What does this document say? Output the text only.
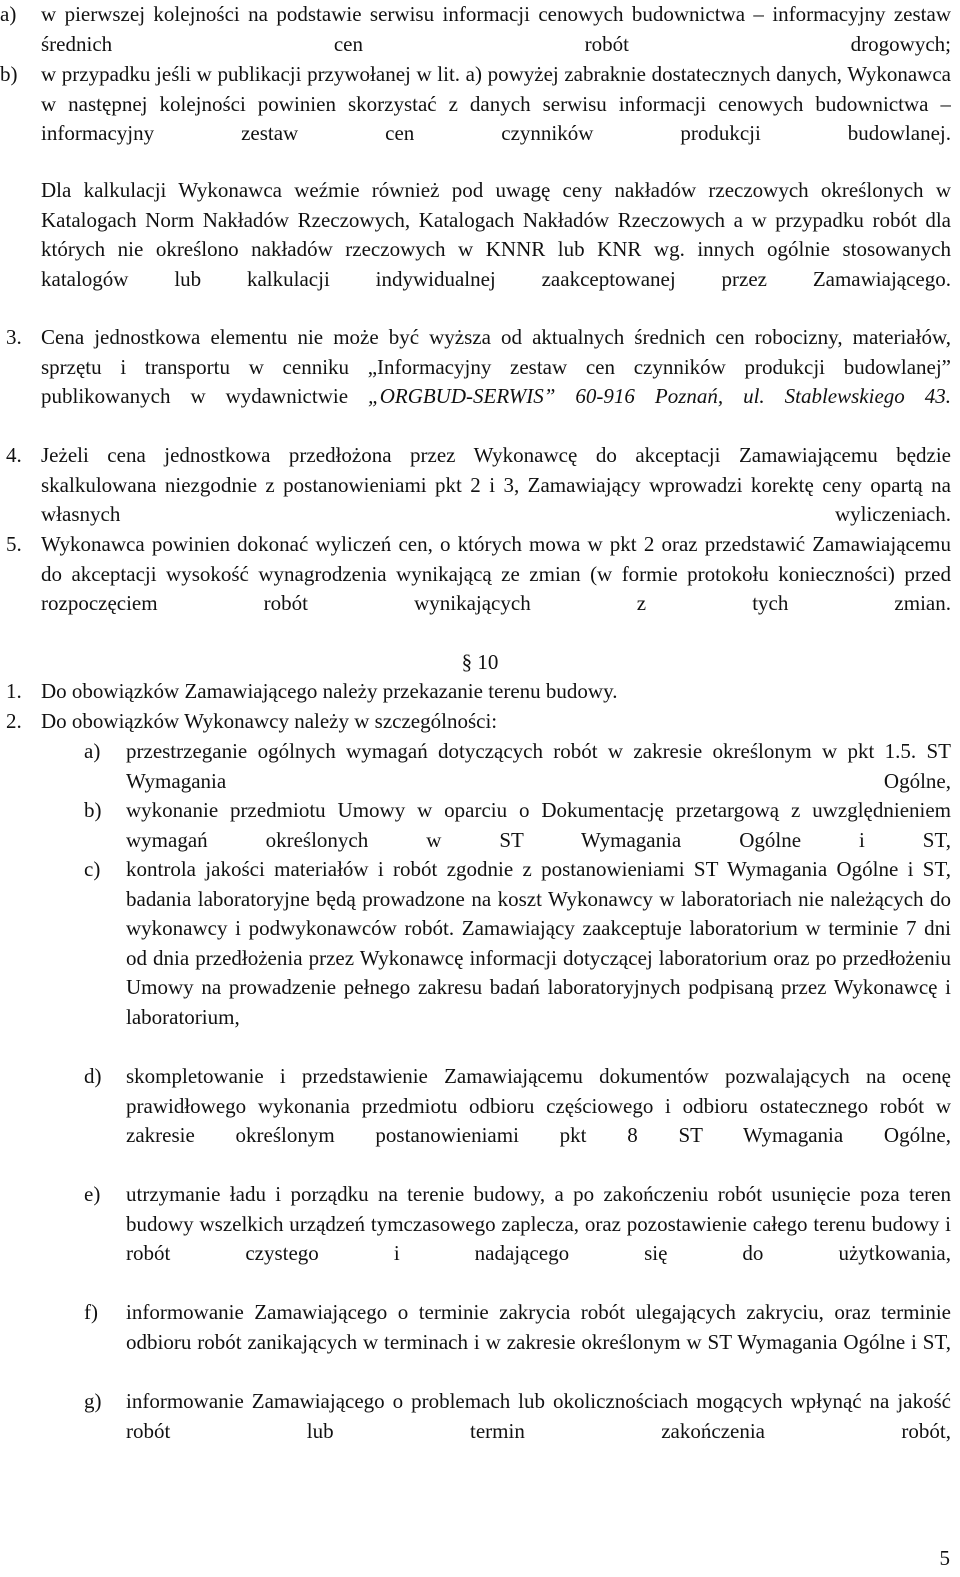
a) w pierwszej kolejności na podstawie serwisu informacji cenowych budownictwa – informacyjny zestaw średnich cen robót drogowych;
b) w przypadku jeśli w publikacji przywołanej w lit. a) powyżej zabraknie dostatecznych danych, Wykonawca w następnej kolejności powinien skorzystać z danych serwisu informacji cenowych budownictwa – informacyjny zestaw cen czynników produkcji budowlanej.
Dla kalkulacji Wykonawca weźmie również pod uwagę ceny nakładów rzeczowych określonych w Katalogach Norm Nakładów Rzeczowych, Katalogach Nakładów Rzeczowych a w przypadku robót dla których nie określono nakładów rzeczowych w KNNR lub KNR wg. innych ogólnie stosowanych katalogów lub kalkulacji indywidualnej zaakceptowanej przez Zamawiającego.
3. Cena jednostkowa elementu nie może być wyższa od aktualnych średnich cen robocizny, materiałów, sprzętu i transportu w cenniku „Informacyjny zestaw cen czynników produkcji budowlanej” publikowanych w wydawnictwie „ORGBUD-SERWIS” 60-916 Poznań, ul. Stablewskiego 43.
4. Jeżeli cena jednostkowa przedłożona przez Wykonawcę do akceptacji Zamawiającemu będzie skalkulowana niezgodnie z postanowieniami pkt 2 i 3, Zamawiający wprowadzi korektę ceny opartą na własnych wyliczeniach.
5. Wykonawca powinien dokonać wyliczeń cen, o których mowa w pkt 2 oraz przedstawić Zamawiającemu do akceptacji wysokość wynagrodzenia wynikającą ze zmian (w formie protokołu konieczności) przed rozpoczęciem robót wynikających z tych zmian.
§ 10
1. Do obowiązków Zamawiającego należy przekazanie terenu budowy.
2. Do obowiązków Wykonawcy należy w szczególności:
a) przestrzeganie ogólnych wymagań dotyczących robót w zakresie określonym w pkt 1.5. ST Wymagania Ogólne,
b) wykonanie przedmiotu Umowy w oparciu o Dokumentację przetargową z uwzględnieniem wymagań określonych w ST Wymagania Ogólne i ST,
c) kontrola jakości materiałów i robót zgodnie z postanowieniami ST Wymagania Ogólne i ST, badania laboratoryjne będą prowadzone na koszt Wykonawcy w laboratoriach nie należących do wykonawcy i podwykonawców robót. Zamawiający zaakceptuje laboratorium w terminie 7 dni od dnia przedłożenia przez Wykonawcę informacji dotyczącej laboratorium oraz po przedłożeniu Umowy na prowadzenie pełnego zakresu badań laboratoryjnych podpisaną przez Wykonawcę i laboratorium,
d) skompletowanie i przedstawienie Zamawiającemu dokumentów pozwalających na ocenę prawidłowego wykonania przedmiotu odbioru częściowego i odbioru ostatecznego robót w zakresie określonym postanowieniami pkt 8 ST Wymagania Ogólne,
e) utrzymanie ładu i porządku na terenie budowy, a po zakończeniu robót usunięcie poza teren budowy wszelkich urządzeń tymczasowego zaplecza, oraz pozostawienie całego terenu budowy i robót czystego i nadającego się do użytkowania,
f) informowanie Zamawiającego o terminie zakrycia robót ulegających zakryciu, oraz terminie odbioru robót zanikających w terminach i w zakresie określonym w ST Wymagania Ogólne i ST,
g) informowanie Zamawiającego o problemach lub okolicznościach mogących wpłynąć na jakość robót lub termin zakończenia robót,
5
